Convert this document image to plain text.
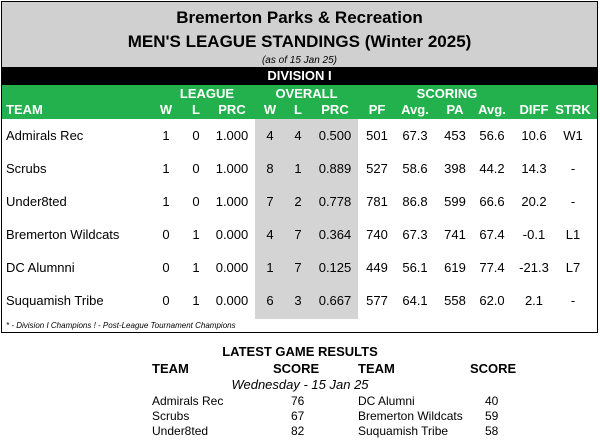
Bremerton Parks & Recreation
MEN'S LEAGUE STANDINGS (Winter 2025)
(as of 15 Jan 25)
DIVISION I
LEAGUE	OVERALL	SCORING
TEAM	W	L	PRC	W	L	PRC	PF	Avg.	PA	Avg.	DIFF STRK
Admirals Rec	1	0	1.000	4	4	0.500	501	67.3	453	56.6	10.6	W1
Scrubs	1	0	1.000	8	1	0.889	527	58.6	398	44.2	14.3	-
Under8ted	1	0	1.000	7	2	0.778	781	86.8	599	66.6	20.2	-
Bremerton Wildcats	0	1	0.000	4	7	0.364	740	67.3	741	67.4	-0.1	L1
DC Alumnni	0	1	0.000	1	7	0.125	449	56.1	619	77.4	-21.3	L7
Suquamish Tribe	0	1	0.000	6	3	0.667	577	64.1	558	62.0	2.1	-
* - Division I Champions ! - Post-League Tournament Champions
LATEST GAME RESULTS
TEAM	SCORE	TEAM	SCORE
Wednesday - 15 Jan 25
Admirals Rec	76	DC Alumni	40
Scrubs	67	Bremerton Wildcats 59
Under8ted	82	Suquamish Tribe	58
